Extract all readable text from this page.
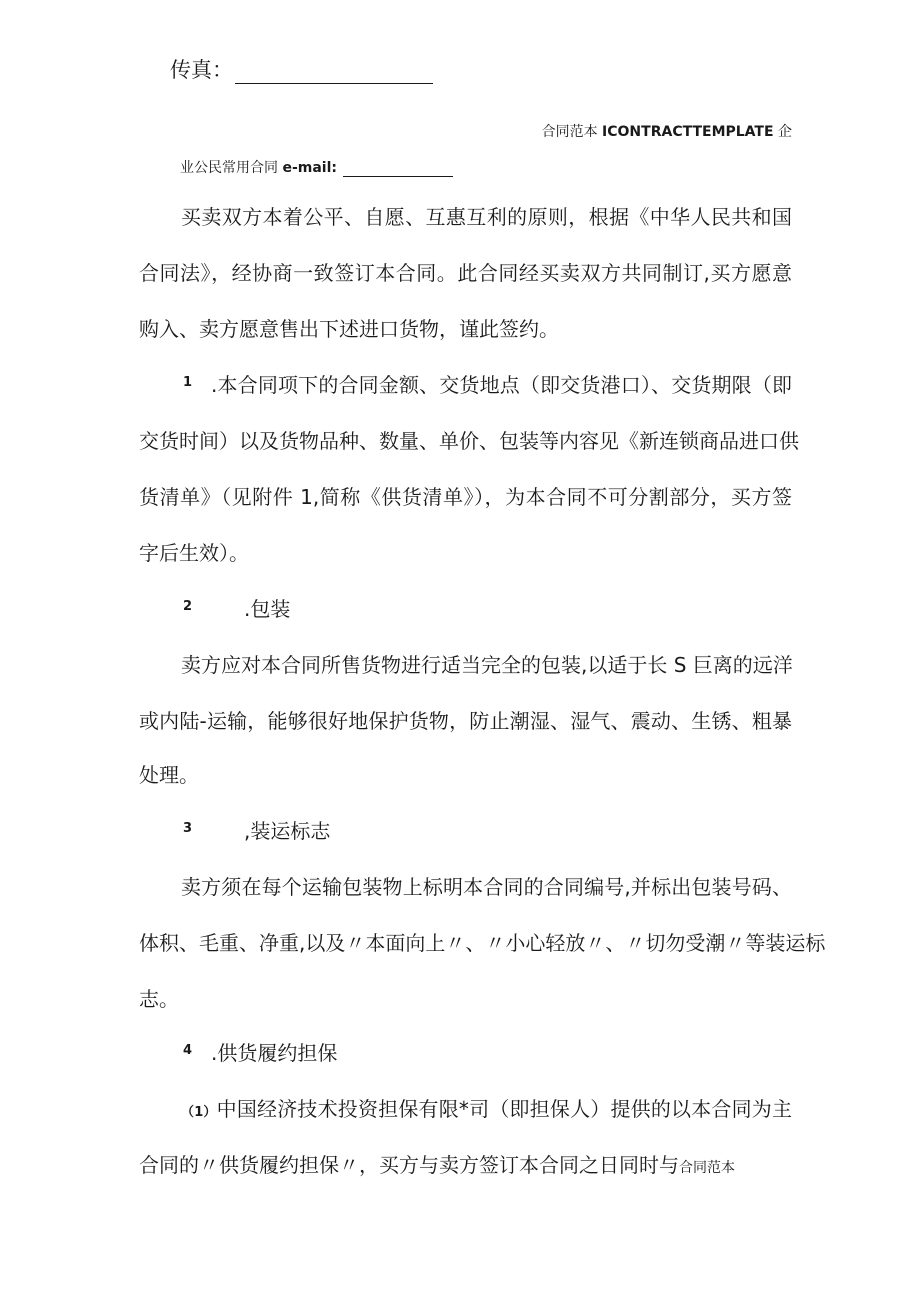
传真：
合同范本 ICONTRACTTEMPLATE 企
业公民常用合同 e-mail:
买卖双方本着公平、自愿、互惠互利的原则，根据《中华人民共和国
合同法》，经协商一致签订本合同。此合同经买卖双方共同制订,买方愿意
购入、卖方愿意售出下述进口货物，谨此签约。
1 .本合同项下的合同金额、交货地点（即交货港口）、交货期限（即
交货时间）以及货物品种、数量、单价、包装等内容见《新连锁商品进口供
货清单》（见附件 1,简称《供货清单》），为本合同不可分割部分，买方签
字后生效）。
2	.包装
卖方应对本合同所售货物进行适当完全的包装,以适于长 S 巨离的远洋
或内陆-运输，能够很好地保护货物，防止潮湿、湿气、震动、生锈、粗暴
处理。
3	,装运标志
卖方须在每个运输包装物上标明本合同的合同编号,并标出包装号码、
体积、毛重、净重,以及〃本面向上〃、〃小心轻放〃、〃切勿受潮〃等装运标
志。
4 .供货履约担保
（1）中国经济技术投资担保有限*司（即担保人）提供的以本合同为主
合同的〃供货履约担保〃，买方与卖方签订本合同之日同时与合同范本
